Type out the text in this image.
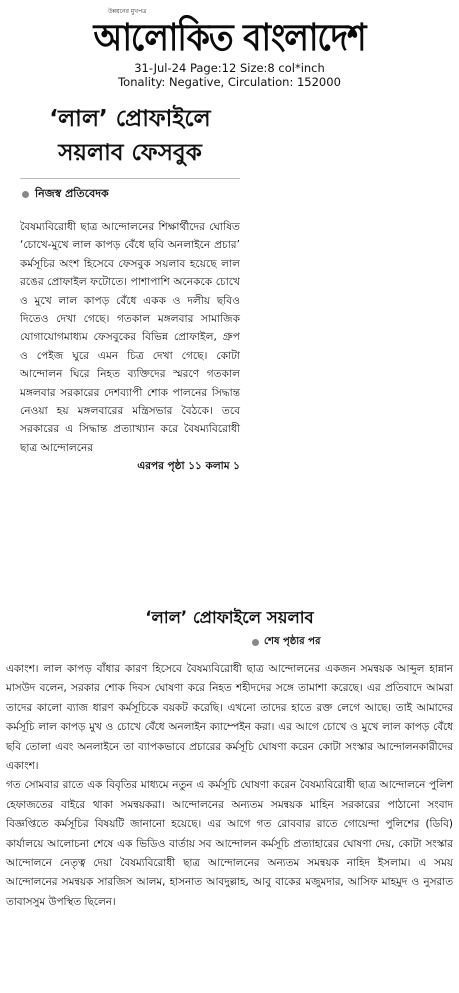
উন্নয়নের মুখপত্র
আলোকিত বাংলাদেশ
31-Jul-24 Page:12 Size:8 col*inch
Tonality: Negative, Circulation: 152000
‘লাল’ প্রোফাইলে
সয়লাব ফেসবুক
নিজস্ব প্রতিবেদক
বৈষম্যবিরোধী ছাত্র আন্দোলনের শিক্ষার্থীদের ঘোষিত ‘চোখে-মুখে লাল কাপড় বেঁধে ছবি অনলাইনে প্রচার’ কর্মসূচির অংশ হিসেবে ফেসবুক সয়লাব হয়েছে লাল রঙের প্রোফাইল ফটোতে। পাশাপাশি অনেককে চোখে ও মুখে লাল কাপড় বেঁধে একক ও দলীয় ছবিও দিতেও দেখা গেছে। গতকাল মঙ্গলবার সামাজিক যোগাযোগমাধ্যম ফেসবুকের বিভিন্ন প্রোফাইল, গ্রুপ ও পেইজ ঘুরে এমন চিত্র দেখা গেছে। কোটা আন্দোলন ঘিরে নিহত ব্যক্তিদের স্মরণে গতকাল মঙ্গলবার সরকারের দেশব্যাপী শোক পালনের সিদ্ধান্ত নেওয়া হয় মঙ্গলবারের মন্ত্রিসভার বৈঠকে। তবে সরকারের এ সিদ্ধান্ত প্রত্যাখ্যান করে বৈষম্যবিরোধী ছাত্র আন্দোলনের
এরপর পৃষ্ঠা ১১ কলাম ১
‘লাল’ প্রোফাইলে সয়লাব
শেষ পৃষ্ঠার পর

একাংশ। লাল কাপড় বাঁধার কারণ হিসেবে বৈষম্যবিরোধী ছাত্র আন্দোলনের একজন সমন্বয়ক আব্দুল হান্নান মাসউদ বলেন, সরকার শোক দিবস ঘোষণা করে নিহত শহীদদের সঙ্গে তামাশা করেছে। এর প্রতিবাদে আমরা তাদের কালো ব্যাজ ধারণ কর্মসূচিকে বয়কট করেছি। এখনো তাদের হাতে রক্ত লেগে আছে। তাই আমাদের কর্মসূচি লাল কাপড় মুখ ও চোখে বেঁধে অনলাইন ক্যাম্পেইন করা। এর আগে চোখে ও মুখে লাল কাপড় বেঁধে ছবি তোলা এবং অনলাইনে তা ব্যাপকভাবে প্রচারের কর্মসূচি ঘোষণা করেন কোটা সংস্কার আন্দোলনকারীদের একাংশ।

গত সোমবার রাতে এক বিবৃতির মাধ্যমে নতুন এ কর্মসূচি ঘোষণা করেন বৈষম্যবিরোধী ছাত্র আন্দোলনে পুলিশ হেফাজতের বাইরে থাকা সমন্বয়করা। আন্দোলনের অন্যতম সমন্বয়ক মাহিন সরকারের পাঠানো সংবাদ বিজ্ঞপ্তিতে কর্মসূচির বিষয়টি জানানো হয়েছে। এর আগে গত রোববার রাতে গোয়েন্দা পুলিশের (ডিবি) কার্যালয়ে আলোচনা শেষে এক ভিডিও বার্তায় সব আন্দোলন কর্মসূচি প্রত্যাহারের ঘোষণা দেয়, কোটা সংস্কার আন্দোলনে নেতৃত্ব দেয়া বৈষম্যবিরোধী ছাত্র আন্দোলনের অন্যতম সমন্বয়ক নাহিদ ইসলাম। এ সময় আন্দোলনের সমন্বয়ক সারজিস আলম, হাসনাত আবদুল্লাহ, আবু বাকের মজুমদার, আসিফ মাহমুদ ও নুসরাত তাবাসসুম উপস্থিত ছিলেন।
